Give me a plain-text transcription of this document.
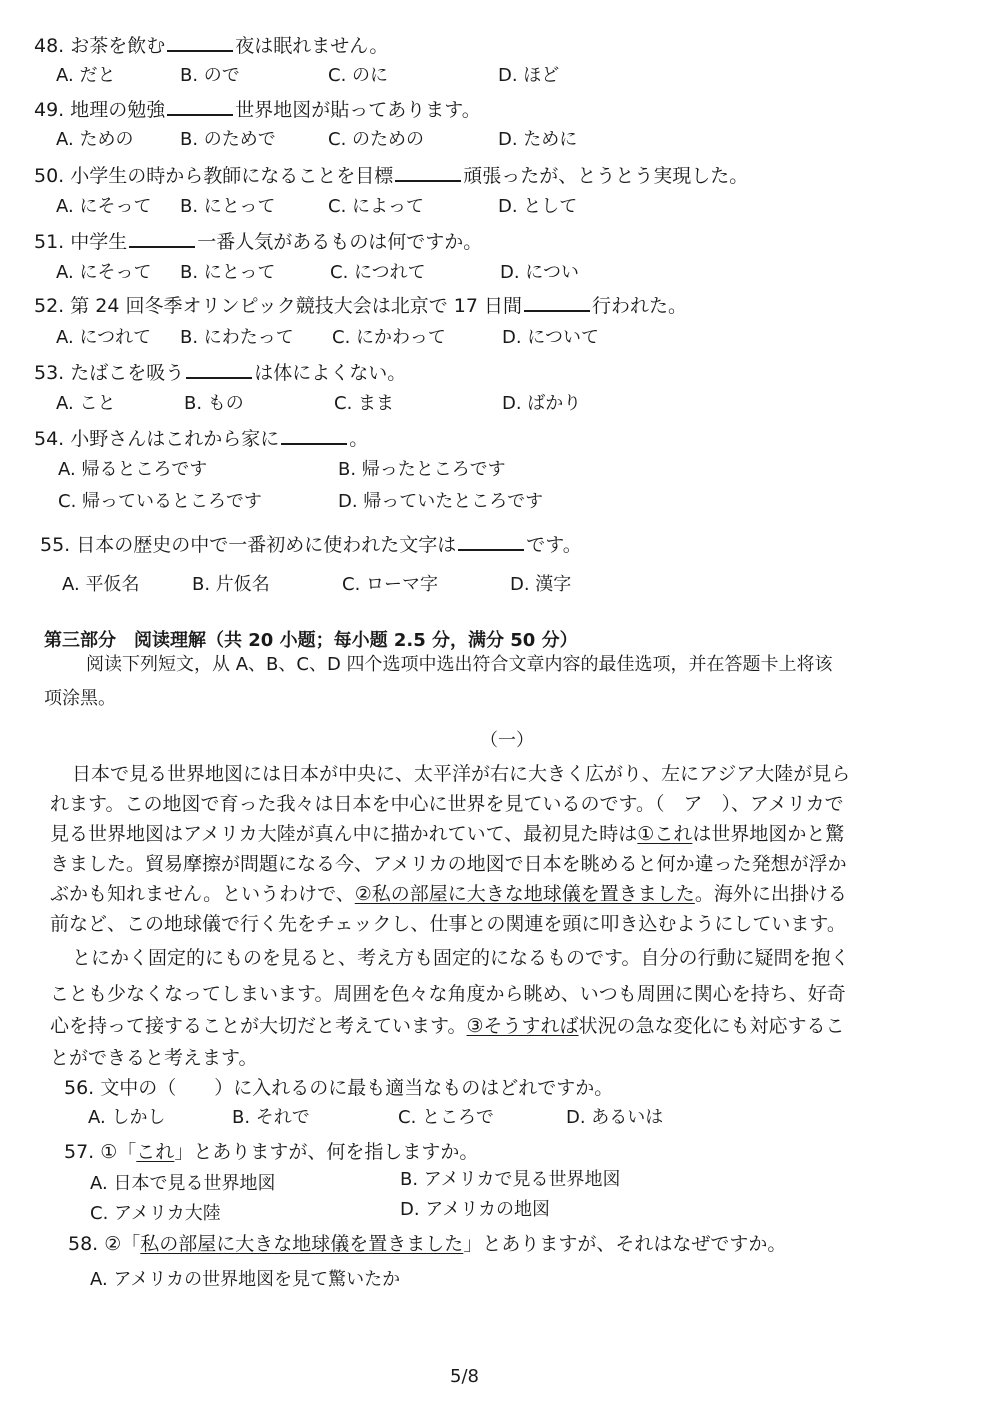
48. お茶を飲む	夜は眠れません。
A. だと	B. ので	C. のに	D. ほど
49. 地理の勉強	世界地図が貼ってあります。
A. ための	B. のためで	C. のための	D. ために
50. 小学生の時から教師になることを目標	頑張ったが、とうとう実現した。
A. にそって B. にとって	C. によって	D. として
51. 中学生	一番人気があるものは何ですか。
A. にそって B. にとって	C. につれて	D. につい
52. 第 24 回冬季オリンピック競技大会は北京で 17 日間	行われた。
A. につれて B. にわたって C. にかわって	D. について
53. たばこを吸う	は体によくない。
A. こと	B. もの	C. まま	D. ばかり
54. 小野さんはこれから家に	。
A. 帰るところです	B. 帰ったところです
C. 帰っているところです	D. 帰っていたところです
55. 日本の歴史の中で一番初めに使われた文字は	です。
A. 平仮名	B. 片仮名	C. ローマ字	D. 漢字
第三部分　阅读理解（共 20 小题；每小题 2.5 分，满分 50 分）
阅读下列短文，从 A、B、C、D 四个选项中选出符合文章内容的最佳选项，并在答题卡上将该
项涂黑。
（一）
日本で見る世界地図には日本が中央に、太平洋が右に大きく広がり、左にアジア大陸が見ら
れます。この地図で育った我々は日本を中心に世界を見ているのです。（　ア　）、アメリカで
見る世界地図はアメリカ大陸が真ん中に描かれていて、最初見た時は①これは世界地図かと驚
きました。貿易摩擦が問題になる今、アメリカの地図で日本を眺めると何か違った発想が浮か
ぶかも知れません。というわけで、②私の部屋に大きな地球儀を置きました。海外に出掛ける
前など、この地球儀で行く先をチェックし、仕事との関連を頭に叩き込むようにしています。
とにかく固定的にものを見ると、考え方も固定的になるものです。自分の行動に疑問を抱く
ことも少なくなってしまいます。周囲を色々な角度から眺め、いつも周囲に関心を持ち、好奇
心を持って接することが大切だと考えています。③そうすれば状況の急な変化にも対応するこ
とができると考えます。
56. 文中の（　　）に入れるのに最も適当なものはどれですか。
A. しかし	B. それで	C. ところで	D. あるいは
57. ①「これ」とありますが、何を指しますか。
A. 日本で見る世界地図	B. アメリカで見る世界地図
C. アメリカ大陸	D. アメリカの地図
58. ②「私の部屋に大きな地球儀を置きました」とありますが、それはなぜですか。
A. アメリカの世界地図を見て驚いたか
5/8
